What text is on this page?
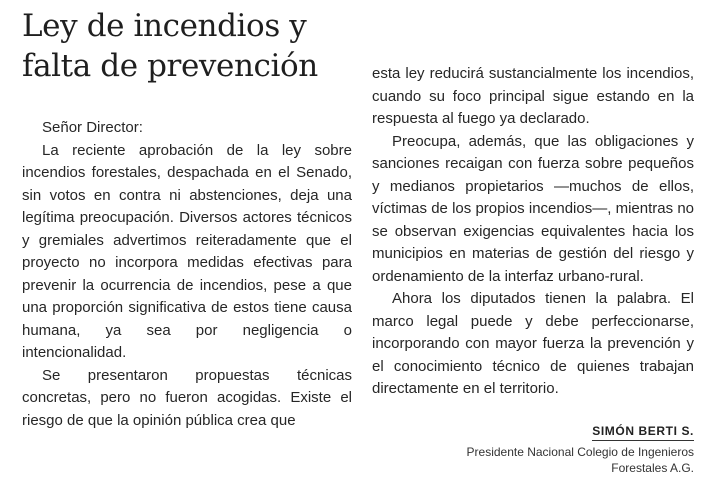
Ley de incendios y
falta de prevención
Señor Director:

La reciente aprobación de la ley sobre incendios forestales, despachada en el Senado, sin votos en contra ni abstenciones, deja una legítima preocupación. Diversos actores técnicos y gremiales advertimos reiteradamente que el proyecto no incorpora medidas efectivas para prevenir la ocurrencia de incendios, pese a que una proporción significativa de estos tiene causa humana, ya sea por negligencia o intencionalidad.

Se presentaron propuestas técnicas concretas, pero no fueron acogidas. Existe el riesgo de que la opinión pública crea que

esta ley reducirá sustancialmente los incendios, cuando su foco principal sigue estando en la respuesta al fuego ya declarado.

Preocupa, además, que las obligaciones y sanciones recaigan con fuerza sobre pequeños y medianos propietarios —muchos de ellos, víctimas de los propios incendios—, mientras no se observan exigencias equivalentes hacia los municipios en materias de gestión del riesgo y ordenamiento de la interfaz urbano-rural.

Ahora los diputados tienen la palabra. El marco legal puede y debe perfeccionarse, incorporando con mayor fuerza la prevención y el conocimiento técnico de quienes trabajan directamente en el territorio.

SIMÓN BERTI S.
Presidente Nacional Colegio de Ingenieros
Forestales A.G.
